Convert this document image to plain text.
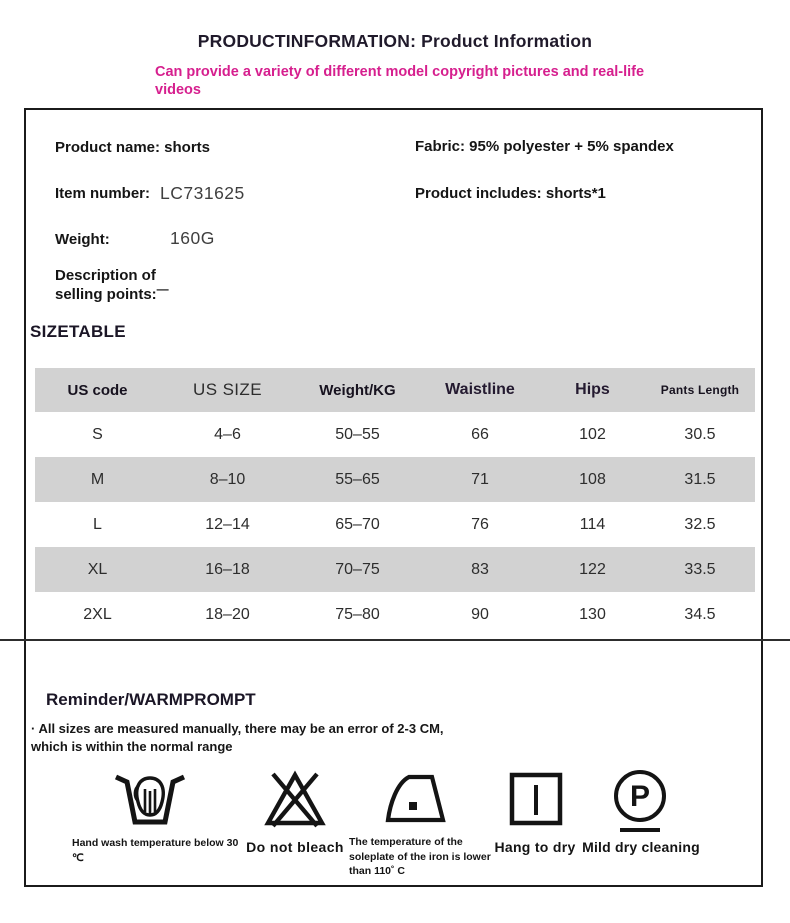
PRODUCTINFORMATION: Product Information
Can provide a variety of different model copyright pictures and real-life videos
Product name: shorts	Fabric: 95% polyester + 5% spandex
Item number: LC731625	Product includes: shorts*1
Weight:	160G
Description of selling points:—
SIZETABLE
US code	US SIZE	Weight/KG	Waistline	Hips	Pants Length
S	4–6	50–55	66	102	30.5
M	8–10	55–65	71	108	31.5
L	12–14	65–70	76	114	32.5
XL	16–18	70–75	83	122	33.5
2XL	18–20	75–80	90	130	34.5
Reminder/WARMPROMPT
· All sizes are measured manually, there may be an error of 2-3 CM, which is within the normal range
Hand wash temperature below 30
℃
Do not bleach The temperature of the
soleplate of the iron is lower
than 110˚ C
Hang to dry
P
Mild dry cleaning
